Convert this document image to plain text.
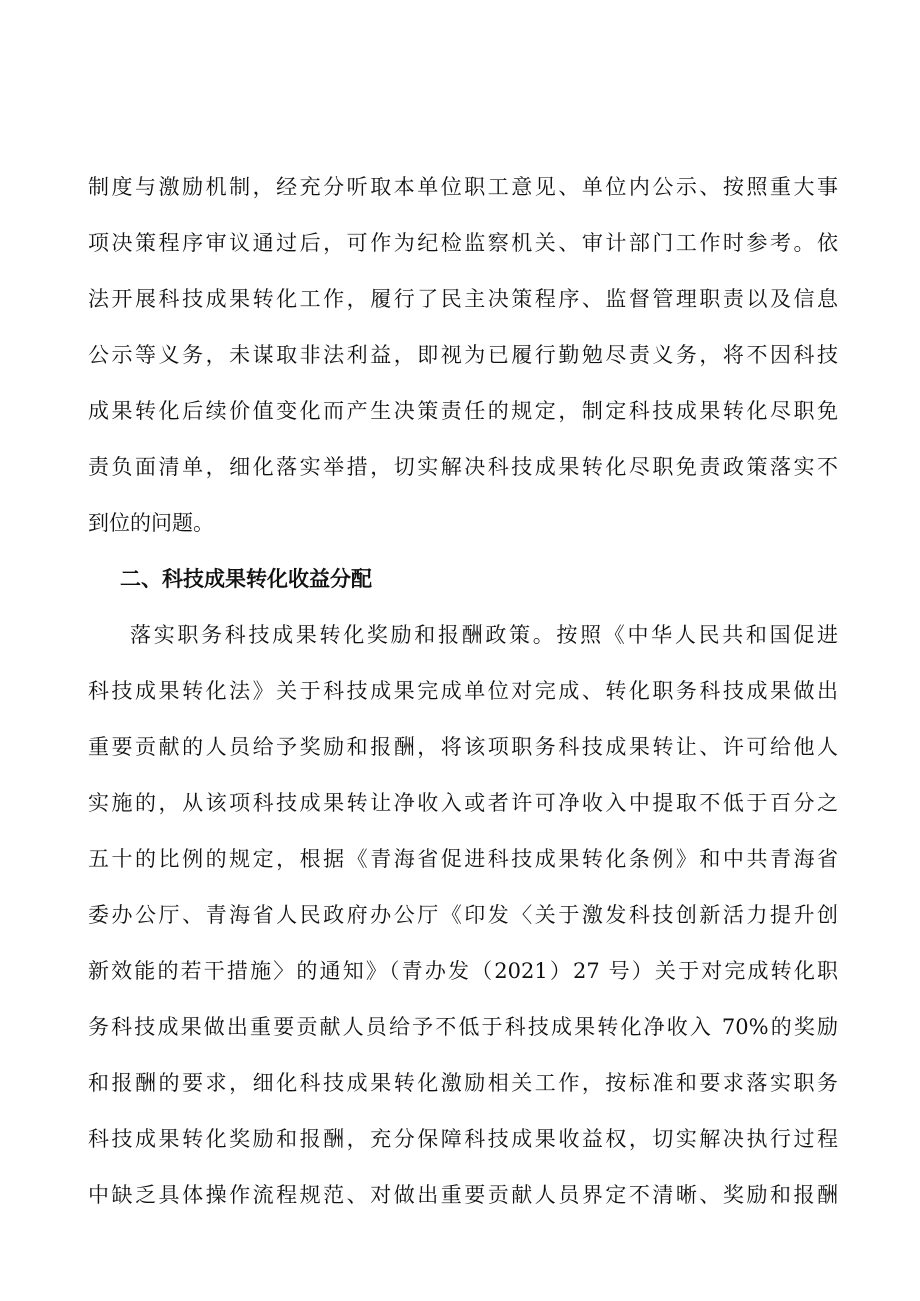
制度与激励机制，经充分听取本单位职工意见、单位内公示、按照重大事
项决策程序审议通过后，可作为纪检监察机关、审计部门工作时参考。依
法开展科技成果转化工作，履行了民主决策程序、监督管理职责以及信息
公示等义务，未谋取非法利益，即视为已履行勤勉尽责义务，将不因科技
成果转化后续价值变化而产生决策责任的规定，制定科技成果转化尽职免
责负面清单，细化落实举措，切实解决科技成果转化尽职免责政策落实不
到位的问题。
二、科技成果转化收益分配
落实职务科技成果转化奖励和报酬政策。按照《中华人民共和国促进
科技成果转化法》关于科技成果完成单位对完成、转化职务科技成果做出
重要贡献的人员给予奖励和报酬，将该项职务科技成果转让、许可给他人
实施的，从该项科技成果转让净收入或者许可净收入中提取不低于百分之
五十的比例的规定，根据《青海省促进科技成果转化条例》和中共青海省
委办公厅、青海省人民政府办公厅《印发〈关于激发科技创新活力提升创
新效能的若干措施〉的通知》（青办发（2021）27 号）关于对完成转化职
务科技成果做出重要贡献人员给予不低于科技成果转化净收入 70%的奖励
和报酬的要求，细化科技成果转化激励相关工作，按标准和要求落实职务
科技成果转化奖励和报酬，充分保障科技成果收益权，切实解决执行过程
中缺乏具体操作流程规范、对做出重要贡献人员界定不清晰、奖励和报酬
